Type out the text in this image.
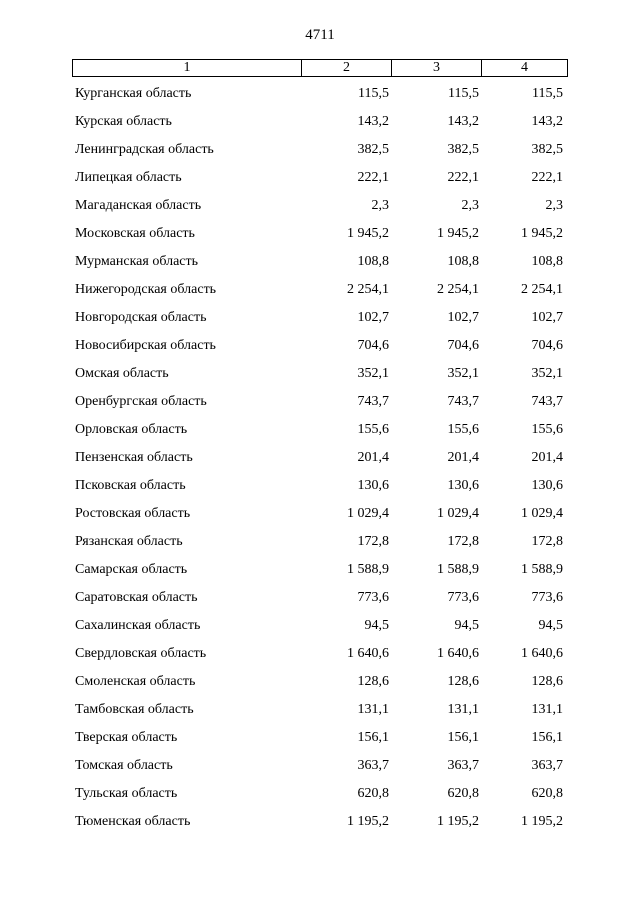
4711
1	2	3	4
Курганская область	115,5	115,5	115,5
Курская область	143,2	143,2	143,2
Ленинградская область	382,5	382,5	382,5
Липецкая область	222,1	222,1	222,1
Магаданская область	2,3	2,3	2,3
Московская область	1 945,2	1 945,2	1 945,2
Мурманская область	108,8	108,8	108,8
Нижегородская область	2 254,1	2 254,1	2 254,1
Новгородская область	102,7	102,7	102,7
Новосибирская область	704,6	704,6	704,6
Омская область	352,1	352,1	352,1
Оренбургская область	743,7	743,7	743,7
Орловская область	155,6	155,6	155,6
Пензенская область	201,4	201,4	201,4
Псковская область	130,6	130,6	130,6
Ростовская область	1 029,4	1 029,4	1 029,4
Рязанская область	172,8	172,8	172,8
Самарская область	1 588,9	1 588,9	1 588,9
Саратовская область	773,6	773,6	773,6
Сахалинская область	94,5	94,5	94,5
Свердловская область	1 640,6	1 640,6	1 640,6
Смоленская область	128,6	128,6	128,6
Тамбовская область	131,1	131,1	131,1
Тверская область	156,1	156,1	156,1
Томская область	363,7	363,7	363,7
Тульская область	620,8	620,8	620,8
Тюменская область	1 195,2	1 195,2	1 195,2
